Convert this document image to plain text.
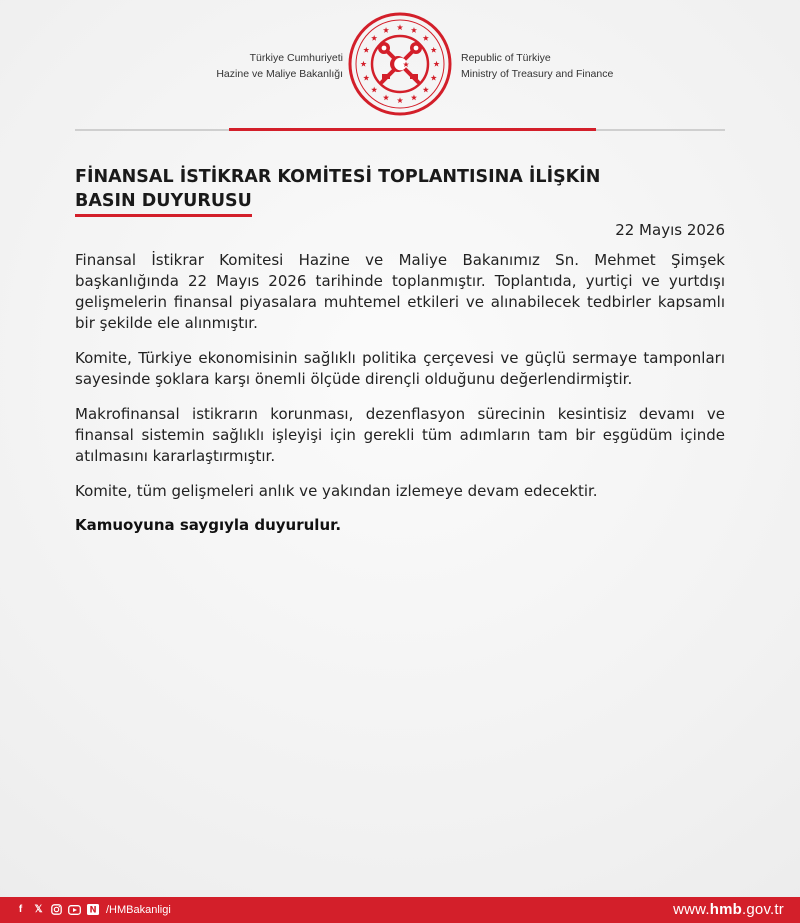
Türkiye Cumhuriyeti
Hazine ve Maliye Bakanlığı
Republic of Türkiye
Ministry of Treasury and Finance
FİNANSAL İSTİKRAR KOMİTESİ TOPLANTISINA İLİŞKİN
BASIN DUYURUSU
22 Mayıs 2026

Finansal İstikrar Komitesi Hazine ve Maliye Bakanımız Sn. Mehmet Şimşek başkanlığında 22 Mayıs 2026 tarihinde toplanmıştır. Toplantıda, yurtiçi ve yurtdışı gelişmelerin finansal piyasalara muhtemel etkileri ve alınabilecek tedbirler kapsamlı bir şekilde ele alınmıştır.

Komite, Türkiye ekonomisinin sağlıklı politika çerçevesi ve güçlü sermaye tamponları sayesinde şoklara karşı önemli ölçüde dirençli olduğunu değerlendirmiştir.

Makrofinansal istikrarın korunması, dezenflasyon sürecinin kesintisiz devamı ve finansal sistemin sağlıklı işleyişi için gerekli tüm adımların tam bir eşgüdüm içinde atılmasını kararlaştırmıştır.

Komite, tüm gelişmeleri anlık ve yakından izlemeye devam edecektir.

Kamuoyuna saygıyla duyurulur.
f	𝕏	N /HMBakanligi	www.hmb.gov.tr
